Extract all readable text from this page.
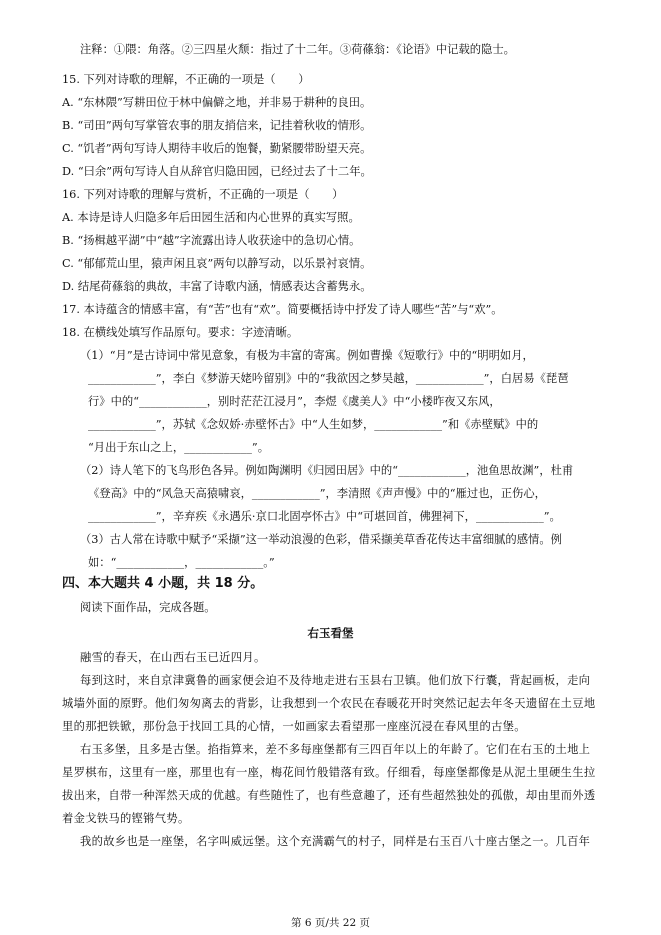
注释：①隈：角落。②三四星火颓：指过了十二年。③荷蓧翁：《论语》中记载的隐士。
15. 下列对诗歌的理解，不正确的一项是（　　）
A. “东林隈”写耕田位于林中偏僻之地，并非易于耕种的良田。
B. “司田”两句写掌管农事的朋友捎信来，记挂着秋收的情形。
C. “饥者”两句写诗人期待丰收后的饱餐，勤紧腰带盼望天亮。
D. “曰余”两句写诗人自从辞官归隐田园，已经过去了十二年。
16. 下列对诗歌的理解与赏析，不正确的一项是（　　）
A. 本诗是诗人归隐多年后田园生活和内心世界的真实写照。
B. “扬楫越平湖”中“越”字流露出诗人收获途中的急切心情。
C. “郁郁荒山里，猿声闲且哀”两句以静写动，以乐景衬哀情。
D. 结尾荷蓧翁的典故，丰富了诗歌内涵，情感表达含蓄隽永。
17. 本诗蕴含的情感丰富，有“苦”也有“欢”。简要概括诗中抒发了诗人哪些“苦”与“欢”。
18. 在横线处填写作品原句。要求：字迹清晰。
（1）“月”是古诗词中常见意象，有极为丰富的寄寓。例如曹操《短歌行》中的“明明如月，
____________”，李白《梦游天姥吟留别》中的“我欲因之梦吴越，____________”，白居易《琵琶
行》中的“____________，别时茫茫江浸月”，李煜《虞美人》中“小楼昨夜又东风，
____________”，苏轼《念奴娇·赤壁怀古》中“人生如梦，____________”和《赤壁赋》中的
“月出于东山之上，____________”。
（2）诗人笔下的飞鸟形色各异。例如陶渊明《归园田居》中的“____________，池鱼思故渊”，杜甫
《登高》中的“风急天高猿啸哀，____________”，李清照《声声慢》中的“雁过也，正伤心，
____________”，辛弃疾《永遇乐·京口北固亭怀古》中“可堪回首，佛狸祠下，____________”。
（3）古人常在诗歌中赋予“采撷”这一举动浪漫的色彩，借采撷美草香花传达丰富细腻的感情。例
如：“____________，____________。”
四、本大题共 4 小题，共 18 分。
阅读下面作品，完成各题。
右玉看堡
融雪的春天，在山西右玉已近四月。
每到这时，来自京津冀鲁的画家便会迫不及待地走进右玉县右卫镇。他们放下行囊，背起画板，走向
城墙外面的原野。他们匆匆离去的背影，让我想到一个农民在春暖花开时突然记起去年冬天遗留在土豆地
里的那把铁锨，那份急于找回工具的心情，一如画家去看望那一座座沉浸在春风里的古堡。
右玉多堡，且多是古堡。掐指算来，差不多每座堡都有三四百年以上的年龄了。它们在右玉的土地上
星罗棋布，这里有一座，那里也有一座，梅花间竹般错落有致。仔细看，每座堡都像是从泥土里硬生生拉
拔出来，自带一种浑然天成的优越。有些随性了，也有些意趣了，还有些超然独处的孤傲，却由里而外透
着金戈铁马的铿锵气势。
我的故乡也是一座堡，名字叫威远堡。这个充满霸气的村子，同样是右玉百八十座古堡之一。几百年
第 6 页/共 22 页
